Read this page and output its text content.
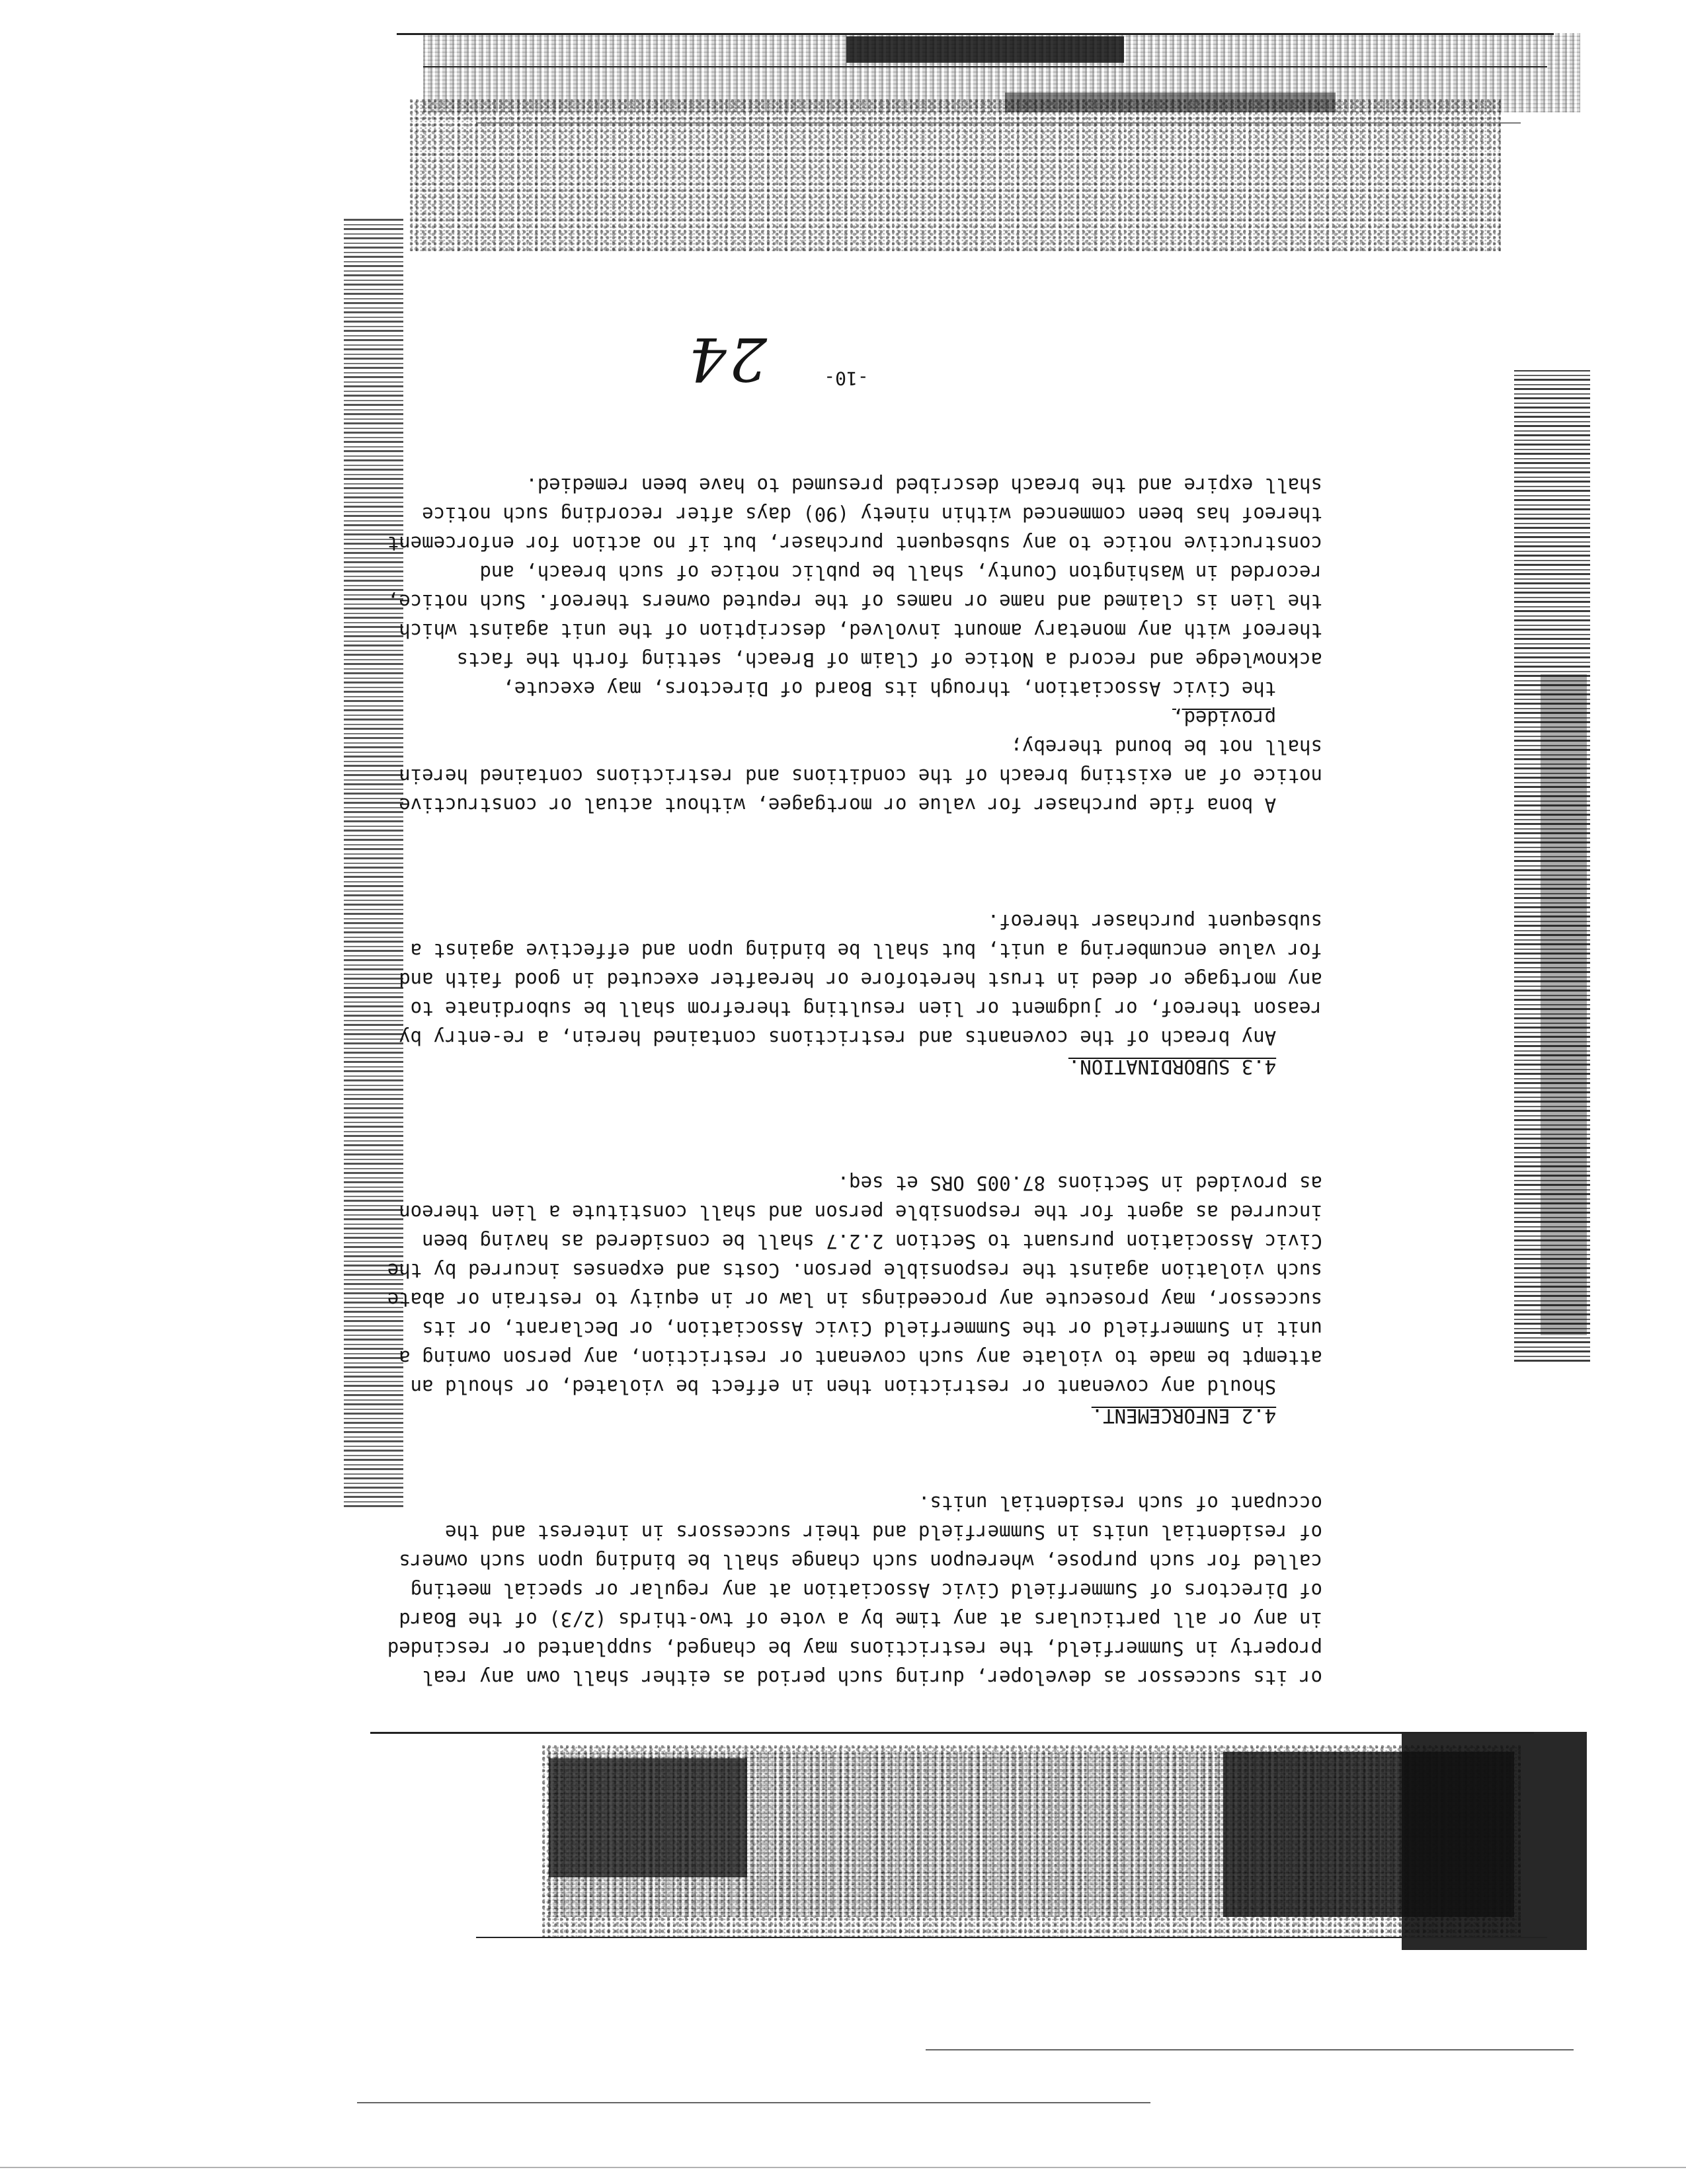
or its successor as developer, during such period as either shall own any real property in Summerfield, the restrictions may be changed, supplanted or rescinded in any or all particulars at any time by a vote of two-thirds (2/3) of the Board of Directors of Summerfield Civic Association at any regular or special meeting called for such purpose, whereupon such change shall be binding upon such owners of residential units in Summerfield and their successors in interest and the occupant of such residential units.

4.2 ENFORCEMENT.
Should any covenant or restriction then in effect be violated, or should an attempt be made to violate any such covenant or restriction, any person owning a unit in Summerfield or the Summerfield Civic Association, or Declarant, or its successor, may prosecute any proceedings in law or in equity to restrain or abate such violation against the responsible person. Costs and expenses incurred by the Civic Association pursuant to Section 2.2.7 shall be considered as having been incurred as agent for the responsible person and shall constitute a lien thereon as provided in Sections 87.005 ORS et seq.

4.3 SUBORDINATION.
Any breach of the covenants and restrictions contained herein, a re-entry by reason thereof, or judgment or lien resulting therefrom shall be subordinate to any mortgage or deed in trust heretofore or hereafter executed in good faith and for value encumbering a unit, but shall be binding upon and effective against a subsequent purchaser thereof.

A bona fide purchaser for value or mortgagee, without actual or constructive notice of an existing breach of the conditions and restrictions contained herein shall not be bound thereby;
provided,
the Civic Association, through its Board of Directors, may execute, acknowledge and record a Notice of Claim of Breach, setting forth the facts thereof with any monetary amount involved, description of the unit against which the lien is claimed and name or names of the reputed owners thereof. Such notice, recorded in Washington County, shall be public notice of such breach, and constructive notice to any subsequent purchaser, but if no action for enforcement thereof has been commenced within ninety (90) days after recording such notice shall expire and the breach described presumed to have been remedied.

-10-
24
